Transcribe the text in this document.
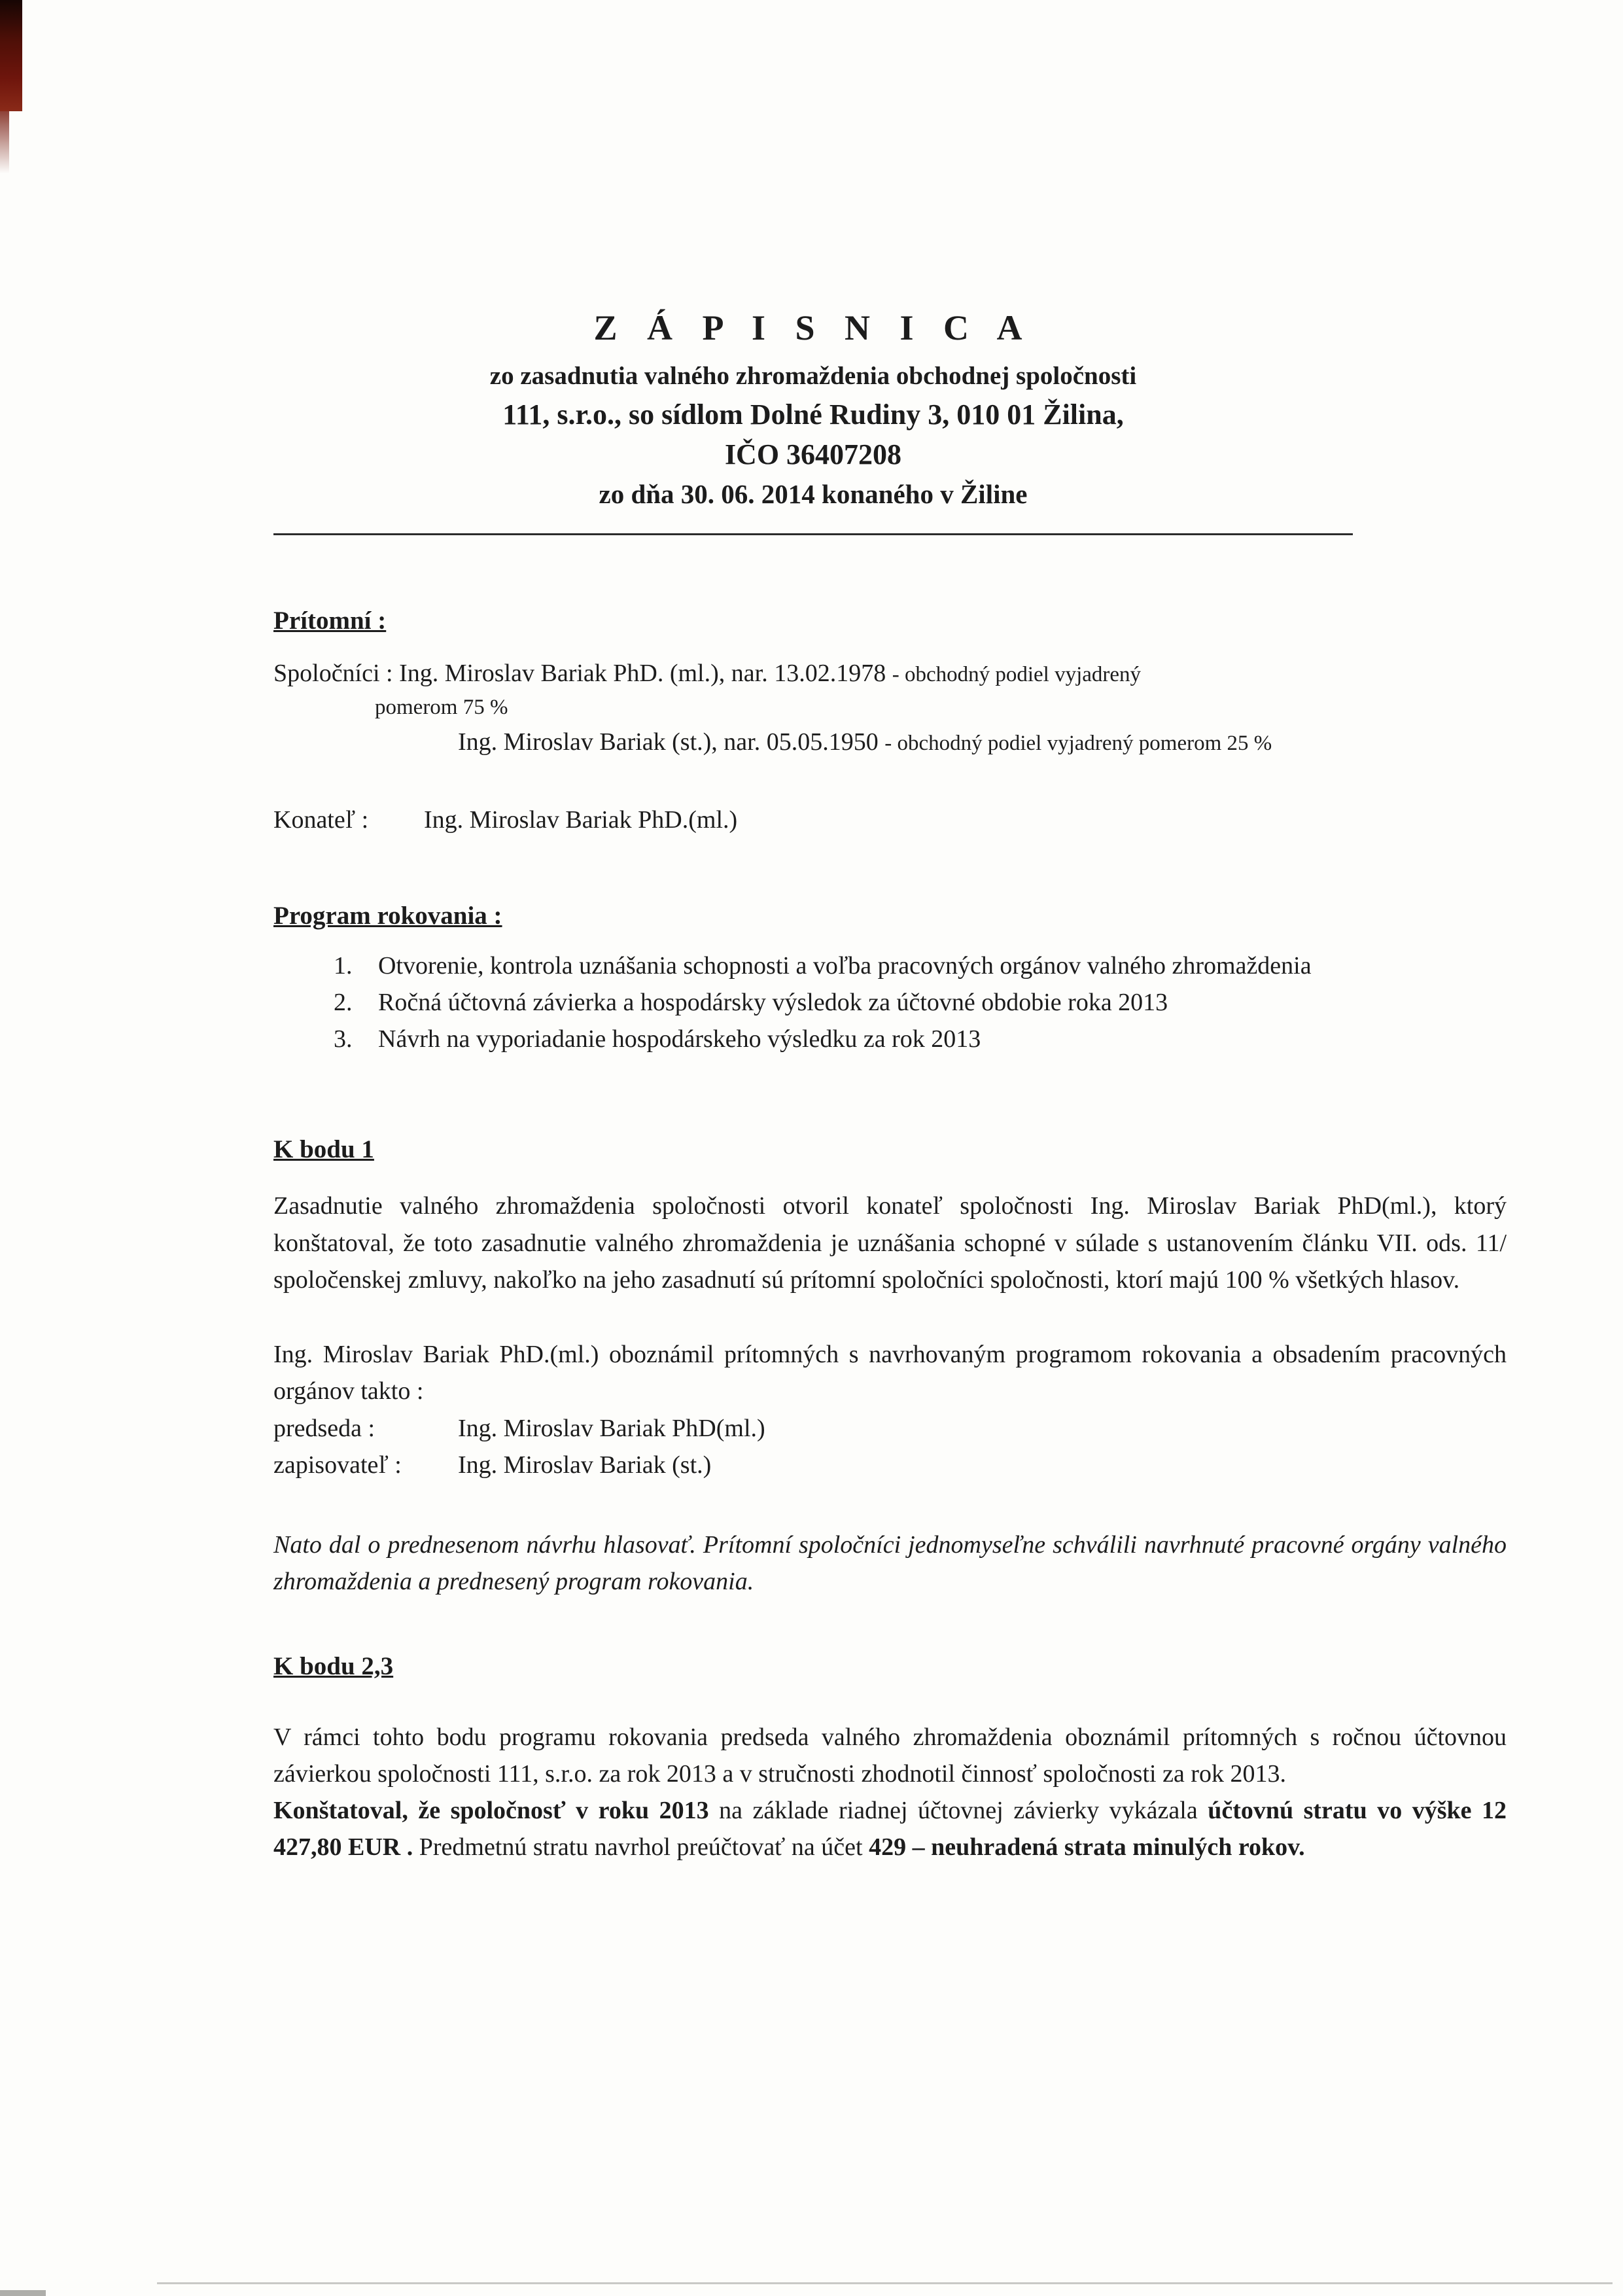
Z Á P I S N I C A
zo zasadnutia valného zhromaždenia obchodnej spoločnosti
111, s.r.o., so sídlom Dolné Rudiny 3, 010 01 Žilina,
IČO 36407208
zo dňa 30. 06. 2014 konaného v Žiline

Prítomní :

Spoločníci : Ing. Miroslav Bariak PhD. (ml.), nar. 13.02.1978 - obchodný podiel vyjadrený

pomerom 75 %

Ing. Miroslav Bariak (st.), nar. 05.05.1950 - obchodný podiel vyjadrený pomerom 25 %

Konateľ : Ing. Miroslav Bariak PhD.(ml.)

Program rokovania :

1.	Otvorenie, kontrola uznášania schopnosti a voľba pracovných orgánov valného zhromaždenia
2.	Ročná účtovná závierka a hospodársky výsledok za účtovné obdobie roka 2013
3.	Návrh na vyporiadanie hospodárskeho výsledku za rok 2013

K bodu 1

Zasadnutie valného zhromaždenia spoločnosti otvoril konateľ spoločnosti Ing. Miroslav Bariak PhD(ml.), ktorý konštatoval, že toto zasadnutie valného zhromaždenia je uznášania schopné v súlade s ustanovením článku VII. ods. 11/ spoločenskej zmluvy, nakoľko na jeho zasadnutí sú prítomní spoločníci spoločnosti, ktorí majú 100 % všetkých hlasov.

Ing. Miroslav Bariak PhD.(ml.) oboznámil prítomných s navrhovaným programom rokovania a obsadením pracovných orgánov takto :

predseda :	Ing. Miroslav Bariak PhD(ml.)

zapisovateľ : Ing. Miroslav Bariak (st.)

Nato dal o prednesenom návrhu hlasovať. Prítomní spoločníci jednomyseľne schválili navrhnuté pracovné orgány valného zhromaždenia a prednesený program rokovania.

K bodu 2,3

V rámci tohto bodu programu rokovania predseda valného zhromaždenia oboznámil prítomných s ročnou účtovnou závierkou spoločnosti 111, s.r.o. za rok 2013 a v stručnosti zhodnotil činnosť spoločnosti za rok 2013.

Konštatoval, že spoločnosť v roku 2013 na základe riadnej účtovnej závierky vykázala účtovnú stratu vo výške 12 427,80 EUR . Predmetnú stratu navrhol preúčtovať na účet 429 – neuhradená strata minulých rokov.
